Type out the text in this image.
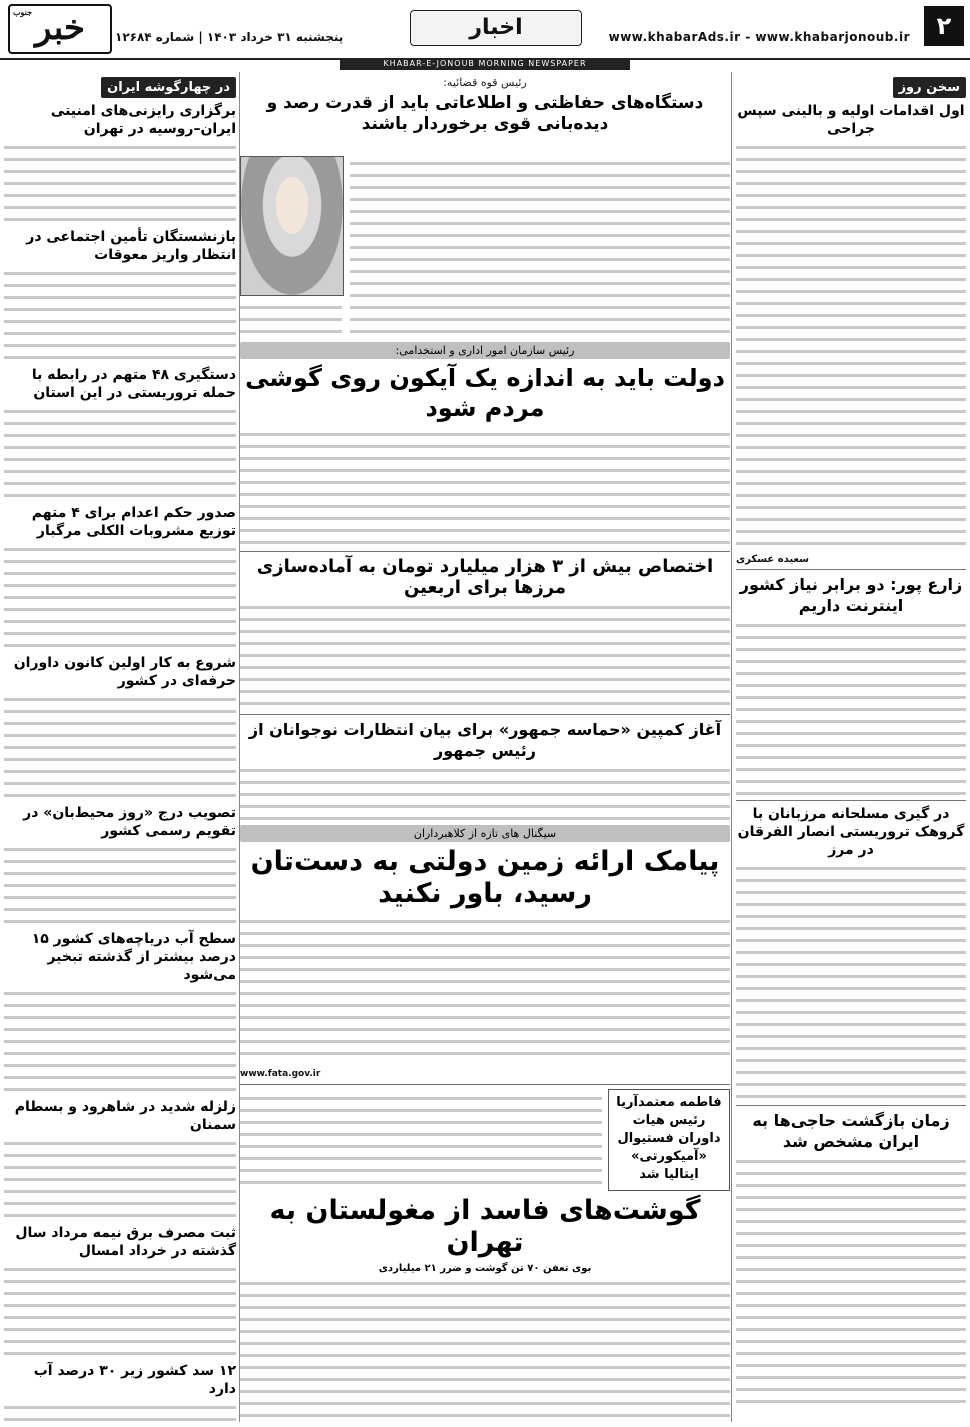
۲
www.khabarAds.ir - www.khabarjonoub.ir
اخبار
پنجشنبه ۳۱ خرداد ۱۴۰۳ | شماره ۱۲۶۸۴
جنوب خبر
KHABAR-E-JONOUB MORNING NEWSPAPER
سخن روز
اول اقدامات اولیه و بالینی سپس جراحی
سعیده عسکری
زارع پور: دو برابر نیاز کشور اینترنت داریم
در گیری مسلحانه مرزبانان با گروهک تروریستی انصار الفرقان در مرز
زمان بازگشت حاجی‌ها به ایران مشخص شد
رئیس قوه قضائیه:
دستگاه‌های حفاظتی و اطلاعاتی باید از قدرت رصد و دیده‌بانی قوی برخوردار باشند
رئیس سازمان امور اداری و استخدامی:
دولت باید به اندازه یک آیکون روی گوشی مردم شود
اختصاص بیش از ۳ هزار میلیارد تومان به آماده‌سازی مرزها برای اربعین
آغاز کمپین «حماسه جمهور» برای بیان انتظارات نوجوانان از رئیس جمهور
سیگنال های تازه از کلاهبرداران
پیامک ارائه زمین دولتی به دست‌تان رسید، باور نکنید
www.fata.gov.ir
فاطمه معتمدآریا رئیس هیات داوران فستیوال «آمیکورتی» ایتالیا شد
گوشت‌های فاسد از مغولستان به تهران
بوی تعفن ۷۰ تن گوشت و ضرر ۲۱ میلیاردی
در چهارگوشه ایران
برگزاری رایزنی‌های امنیتی ایران–روسیه در تهران
بازنشستگان تأمین اجتماعی در انتظار واریز معوقات
دستگیری ۴۸ متهم در رابطه با حمله تروریستی در این استان
صدور حکم اعدام برای ۴ متهم توزیع مشروبات الکلی مرگبار
شروع به کار اولین کانون داوران حرفه‌ای در کشور
تصویب درج «روز محیط‌بان» در تقویم رسمی کشور
سطح آب دریاچه‌های کشور ۱۵ درصد بیشتر از گذشته تبخیر می‌شود
زلزله شدید در شاهرود و بسطام سمنان
ثبت مصرف برق نیمه مرداد سال گذشته در خرداد امسال
۱۲ سد کشور زیر ۳۰ درصد آب دارد
